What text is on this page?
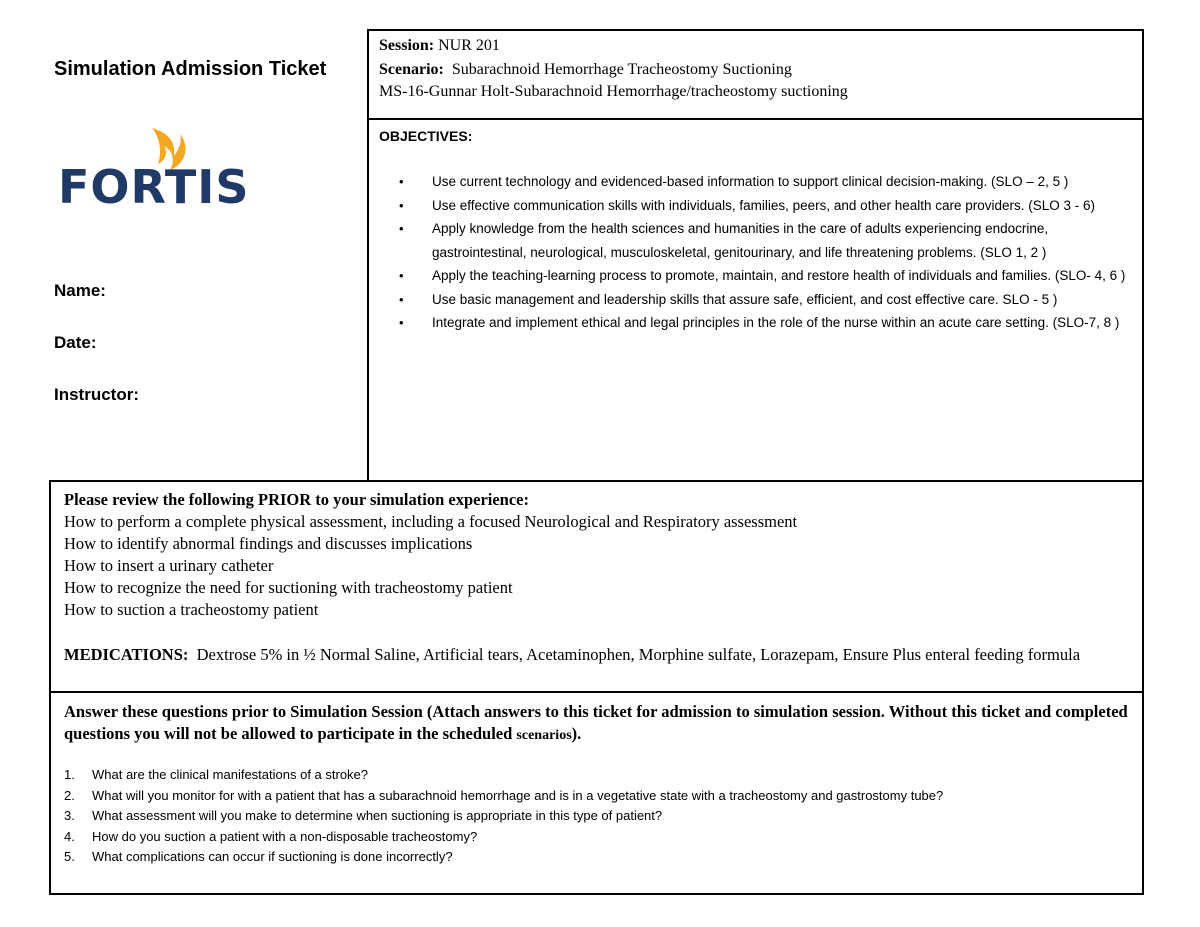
Simulation Admission Ticket
FORTIS
Name:
Date:
Instructor:
Session: NUR 201
Scenario: Subarachnoid Hemorrhage Tracheostomy Suctioning
MS-16-Gunnar Holt-Subarachnoid Hemorrhage/tracheostomy suctioning
OBJECTIVES:
• Use current technology and evidenced-based information to support clinical decision-making. (SLO – 2, 5 )
• Use effective communication skills with individuals, families, peers, and other health care providers. (SLO 3 - 6)
• Apply knowledge from the health sciences and humanities in the care of adults experiencing endocrine, gastrointestinal, neurological, musculoskeletal, genitourinary, and life threatening problems. (SLO 1, 2 )
• Apply the teaching-learning process to promote, maintain, and restore health of individuals and families. (SLO- 4, 6 )
• Use basic management and leadership skills that assure safe, efficient, and cost effective care. SLO - 5 )
• Integrate and implement ethical and legal principles in the role of the nurse within an acute care setting. (SLO-7, 8 )
Please review the following PRIOR to your simulation experience:
How to perform a complete physical assessment, including a focused Neurological and Respiratory assessment
How to identify abnormal findings and discusses implications
How to insert a urinary catheter
How to recognize the need for suctioning with tracheostomy patient
How to suction a tracheostomy patient
MEDICATIONS: Dextrose 5% in ½ Normal Saline, Artificial tears, Acetaminophen, Morphine sulfate, Lorazepam, Ensure Plus enteral feeding formula
Answer these questions prior to Simulation Session (Attach answers to this ticket for admission to simulation session. Without this ticket and completed questions you will not be allowed to participate in the scheduled scenarios).
1. What are the clinical manifestations of a stroke?
2. What will you monitor for with a patient that has a subarachnoid hemorrhage and is in a vegetative state with a tracheostomy and gastrostomy tube?
3. What assessment will you make to determine when suctioning is appropriate in this type of patient?
4. How do you suction a patient with a non-disposable tracheostomy?
5. What complications can occur if suctioning is done incorrectly?
